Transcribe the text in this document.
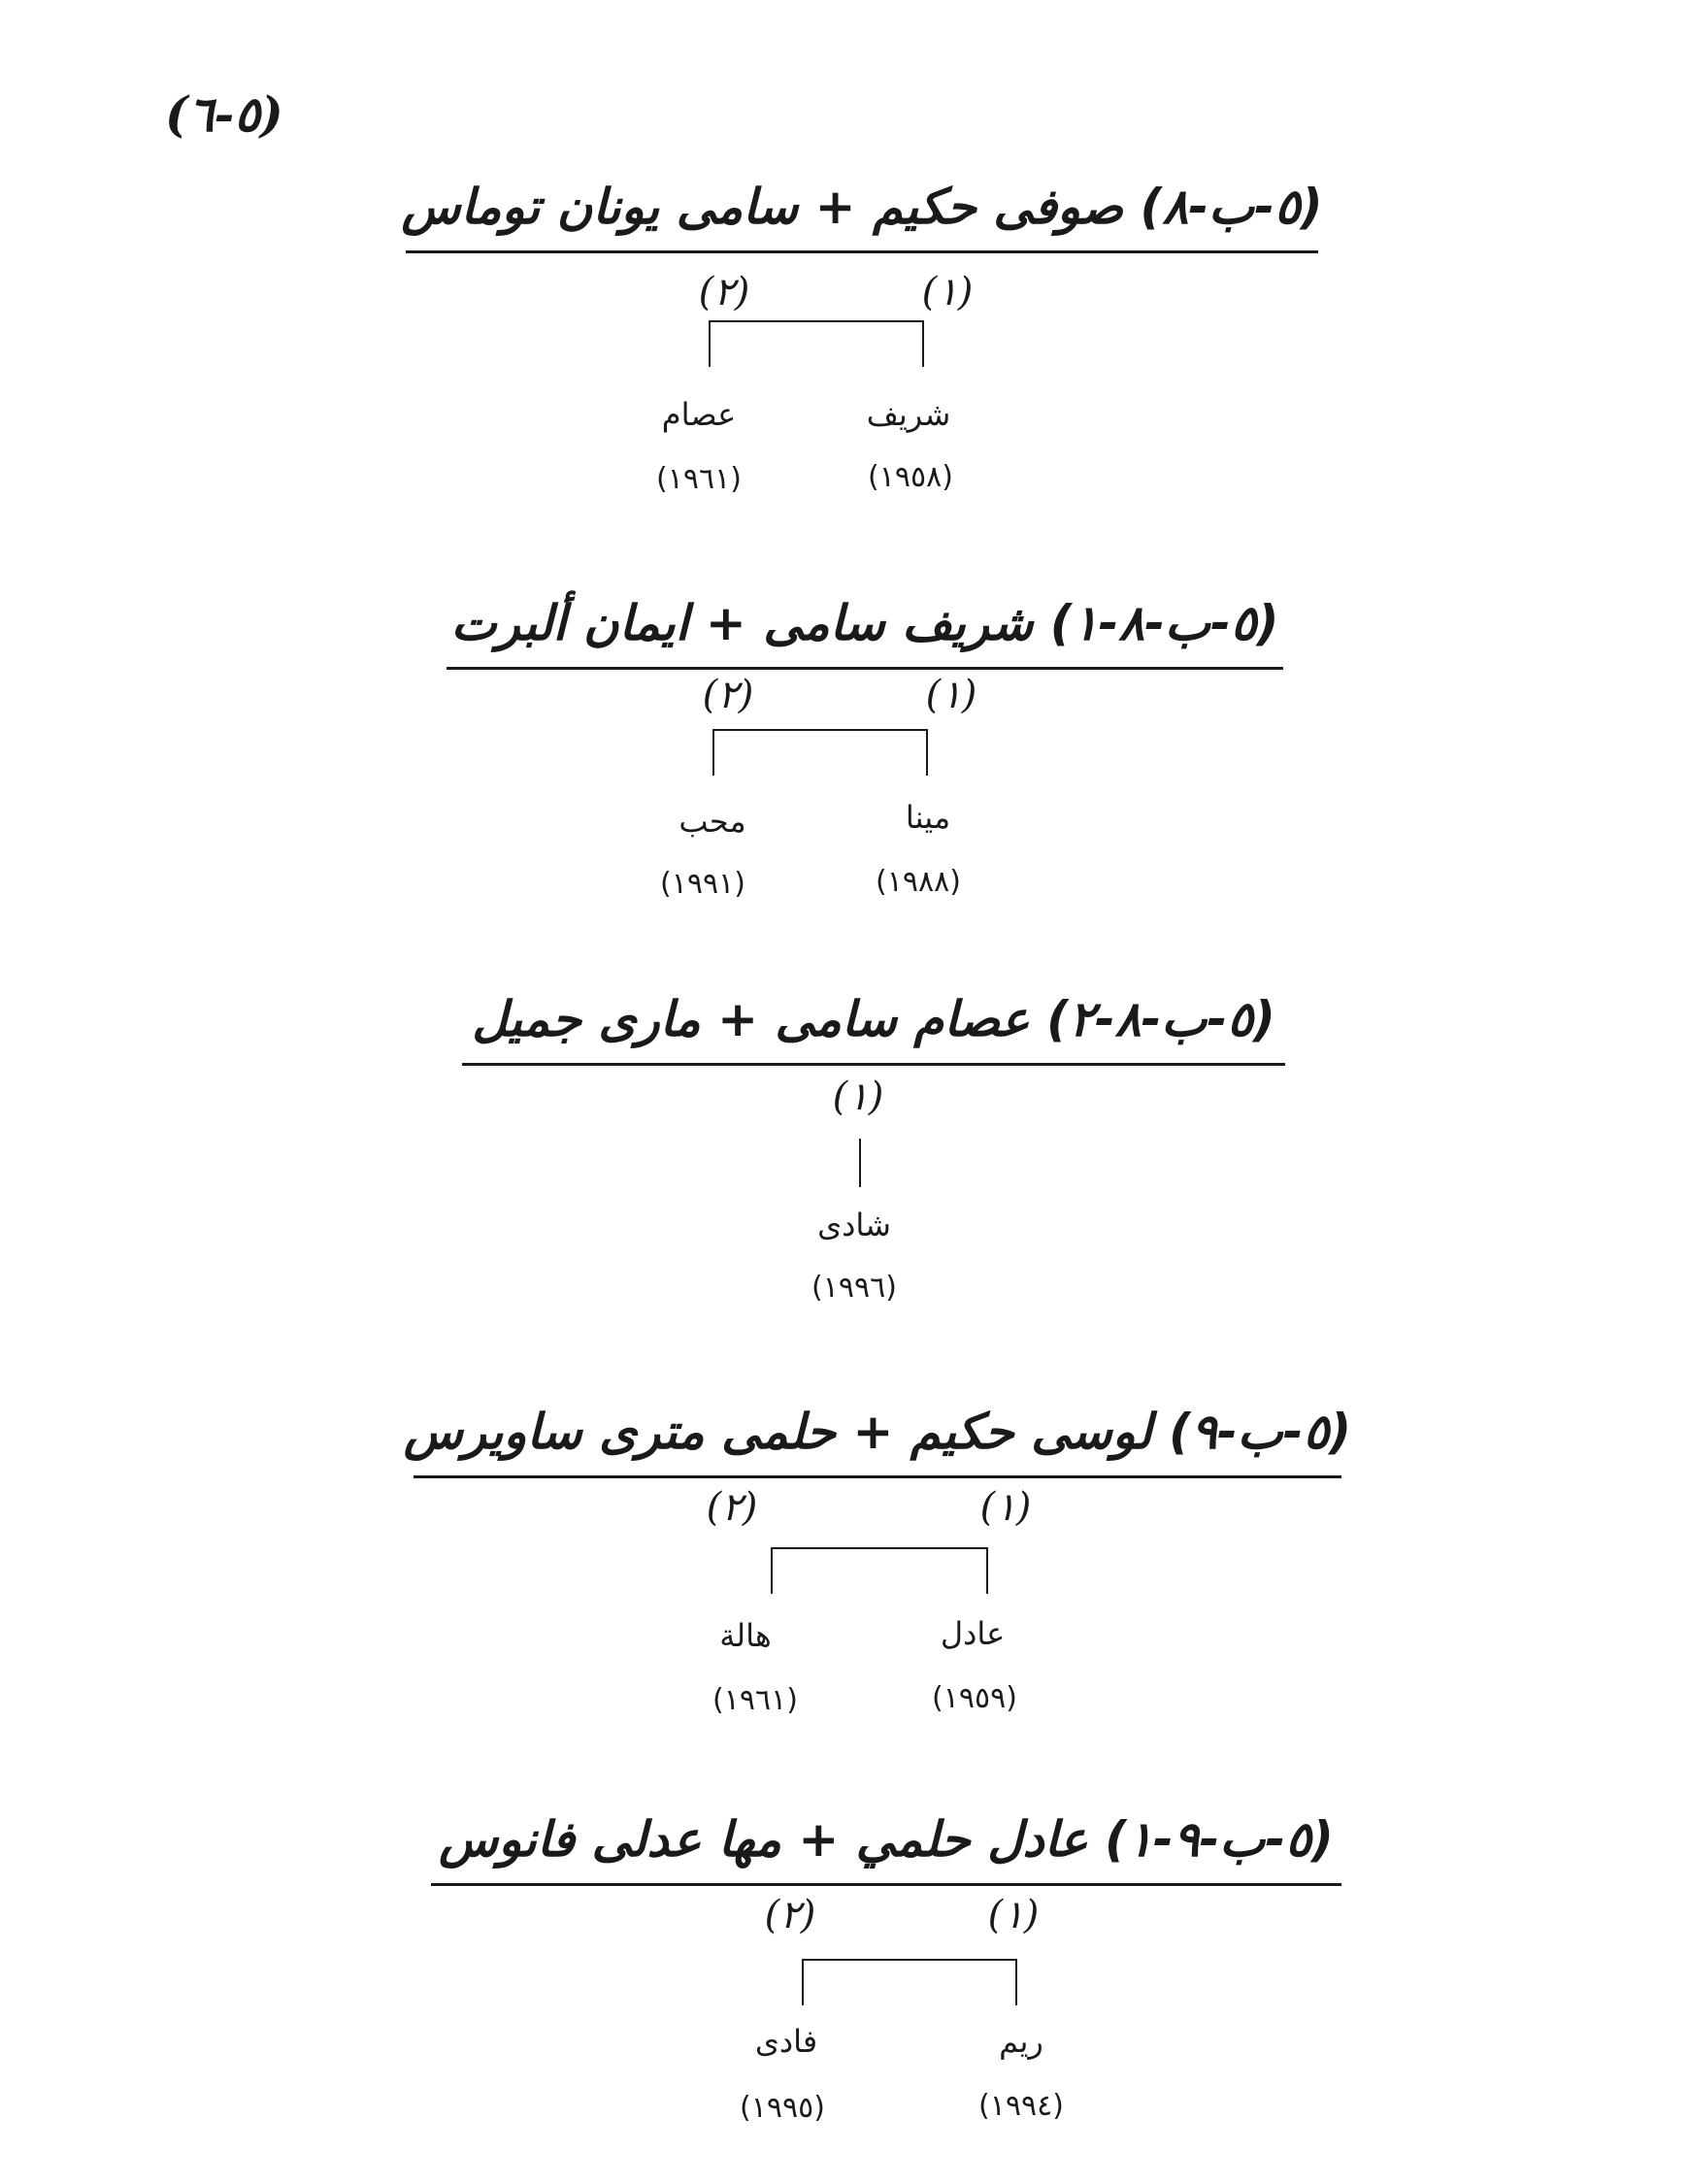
(٥-٦)
(٥-ب-٨) صوفى حكيم + سامى يونان توماس
(١)
(٢)
شريف
عصام
(١٩٥٨)
(١٩٦١)
(٥-ب-٨-١) شريف سامى + ايمان ألبرت
(١)
(٢)
مينا
محب
(١٩٨٨)
(١٩٩١)
(٥-ب-٨-٢) عصام سامى + مارى جميل
(١)
شادى
(١٩٩٦)
(٥-ب-٩) لوسى حكيم + حلمى مترى ساويرس
(١)
(٢)
عادل
هالة
(١٩٥٩)
(١٩٦١)
(٥-ب-٩-١) عادل حلمي + مها عدلى فانوس
(١)
(٢)
ريم
فادى
(١٩٩٤)
(١٩٩٥)
